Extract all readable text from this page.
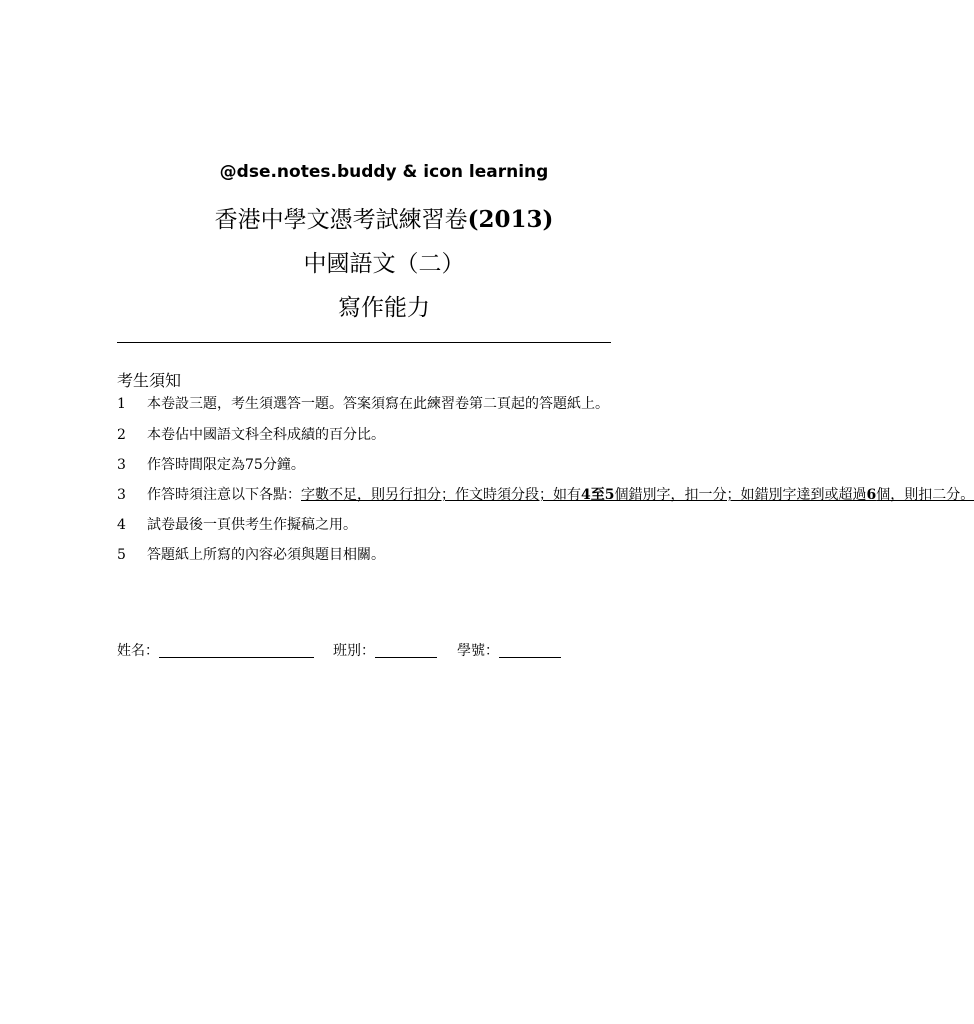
@dse.notes.buddy & icon learning
香港中學文憑考試練習卷(2013)
中國語文（二）
寫作能力
考生須知
1 本卷設三題，考生須選答一題。答案須寫在此練習卷第二頁起的答題紙上。
2 本卷佔中國語文科全科成績的百分比。
3 作答時間限定為75分鐘。
3 作答時須注意以下各點：字數不足，則另行扣分；作文時須分段；如有4至5個錯別字，扣一分；如錯別字達到或超過6個，則扣二分。
4 試卷最後一頁供考生作擬稿之用。
5 答題紙上所寫的內容必須與題目相關。
姓名：	班別：	學號：
